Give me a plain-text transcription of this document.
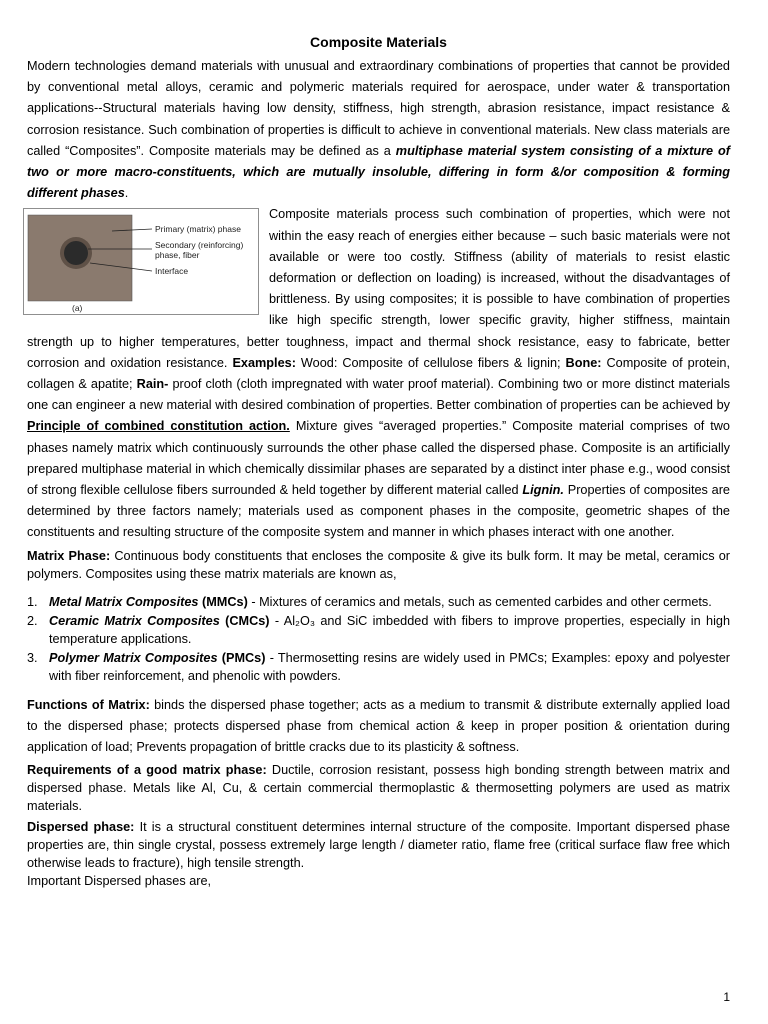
Composite Materials

Modern technologies demand materials with unusual and extraordinary combinations of properties that cannot be provided by conventional metal alloys, ceramic and polymeric materials required for aerospace, under water & transportation applications--Structural materials having low density, stiffness, high strength, abrasion resistance, impact resistance & corrosion resistance. Such combination of properties is difficult to achieve in conventional materials. New class materials are called “Composites”. Composite materials may be defined as a multiphase material system consisting of a mixture of two or more macro-constituents, which are mutually insoluble, differing in form &/or composition & forming different phases.

Primary (matrix) phase
Secondary (reinforcing)
phase, fiber
Interface
(a)

Composite materials process such combination of properties, which were not within the easy reach of energies either because – such basic materials were not available or were too costly. Stiffness (ability of materials to resist elastic deformation or deflection on loading) is increased, without the disadvantages of brittleness. By using composites; it is possible to have combination of properties like high specific strength, lower specific gravity, higher stiffness, maintain strength up to higher temperatures, better toughness, impact and thermal shock resistance, easy to fabricate, better corrosion and oxidation resistance. Examples: Wood: Composite of cellulose fibers & lignin; Bone: Composite of protein, collagen & apatite; Rain- proof cloth (cloth impregnated with water proof material). Combining two or more distinct materials one can engineer a new material with desired combination of properties. Better combination of properties can be achieved by Principle of combined constitution action. Mixture gives “averaged properties.” Composite material comprises of two phases namely matrix which continuously surrounds the other phase called the dispersed phase. Composite is an artificially prepared multiphase material in which chemically dissimilar phases are separated by a distinct inter phase e.g., wood consist of strong flexible cellulose fibers surrounded & held together by different material called Lignin. Properties of composites are determined by three factors namely; materials used as component phases in the composite, geometric shapes of the constituents and resulting structure of the composite system and manner in which phases interact with one another.

Matrix Phase: Continuous body constituents that encloses the composite & give its bulk form. It may be metal, ceramics or polymers. Composites using these matrix materials are known as,

1. Metal Matrix Composites (MMCs) - Mixtures of ceramics and metals, such as cemented carbides and other cermets.
2. Ceramic Matrix Composites (CMCs) - Al₂O₃ and SiC imbedded with fibers to improve properties, especially in high temperature applications.
3. Polymer Matrix Composites (PMCs) - Thermosetting resins are widely used in PMCs; Examples: epoxy and polyester with fiber reinforcement, and phenolic with powders.

Functions of Matrix: binds the dispersed phase together; acts as a medium to transmit & distribute externally applied load to the dispersed phase; protects dispersed phase from chemical action & keep in proper position & orientation during application of load; Prevents propagation of brittle cracks due to its plasticity & softness.

Requirements of a good matrix phase: Ductile, corrosion resistant, possess high bonding strength between matrix and dispersed phase. Metals like Al, Cu, & certain commercial thermoplastic & thermosetting polymers are used as matrix materials.

Dispersed phase: It is a structural constituent determines internal structure of the composite. Important dispersed phase properties are, thin single crystal, possess extremely large length / diameter ratio, flame free (critical surface flaw free which otherwise leads to fracture), high tensile strength.

Important Dispersed phases are,

1
